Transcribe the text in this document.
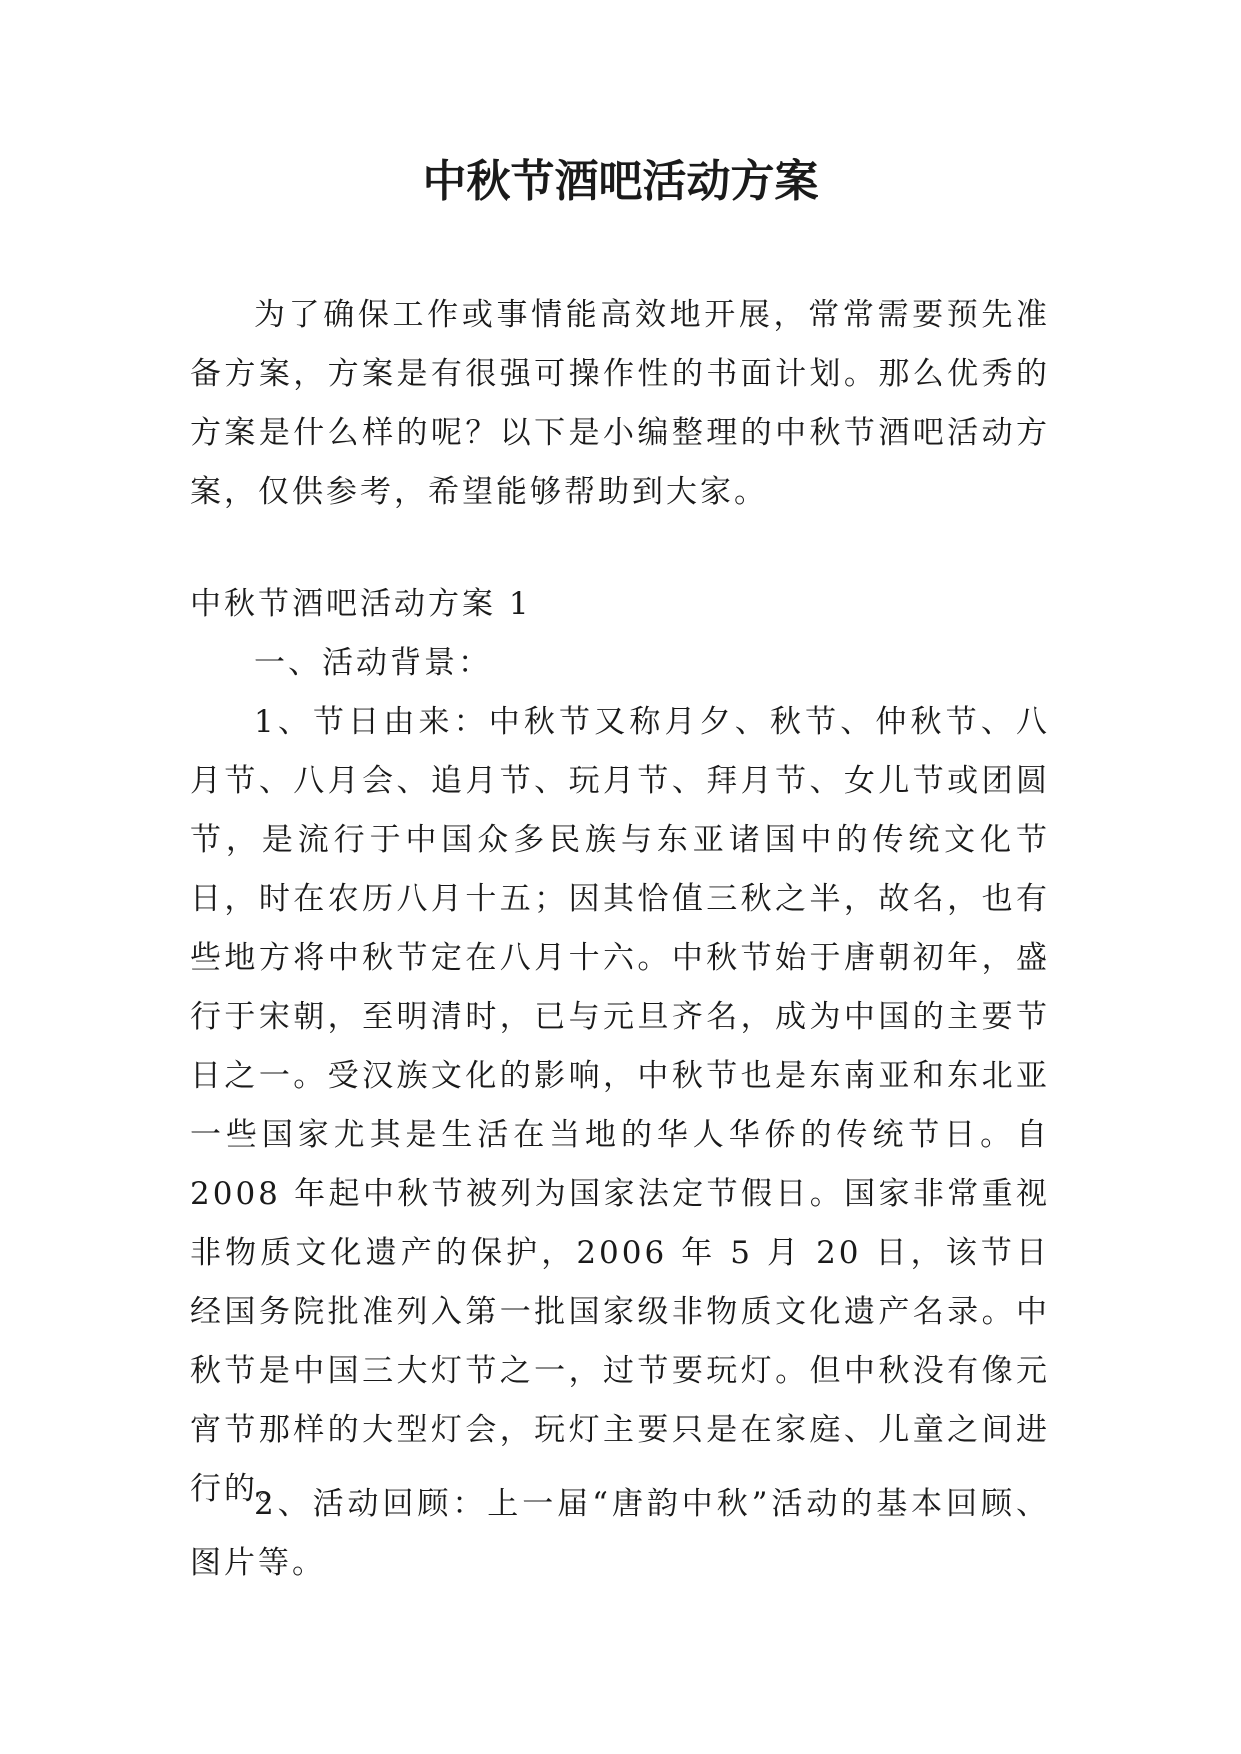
中秋节酒吧活动方案

为了确保工作或事情能高效地开展，常常需要预先准备方案，方案是有很强可操作性的书面计划。那么优秀的方案是什么样的呢？以下是小编整理的中秋节酒吧活动方案，仅供参考，希望能够帮助到大家。

中秋节酒吧活动方案 1

一、活动背景：

1、节日由来：中秋节又称月夕、秋节、仲秋节、八月节、八月会、追月节、玩月节、拜月节、女儿节或团圆节，是流行于中国众多民族与东亚诸国中的传统文化节日，时在农历八月十五；因其恰值三秋之半，故名，也有些地方将中秋节定在八月十六。中秋节始于唐朝初年，盛行于宋朝，至明清时，已与元旦齐名，成为中国的主要节日之一。受汉族文化的影响，中秋节也是东南亚和东北亚一些国家尤其是生活在当地的华人华侨的传统节日。自 2008 年起中秋节被列为国家法定节假日。国家非常重视非物质文化遗产的保护，2006 年 5 月 20 日，该节日经国务院批准列入第一批国家级非物质文化遗产名录。中秋节是中国三大灯节之一，过节要玩灯。但中秋没有像元宵节那样的大型灯会，玩灯主要只是在家庭、儿童之间进行的。

2、活动回顾：上一届“唐韵中秋”活动的基本回顾、图片等。
